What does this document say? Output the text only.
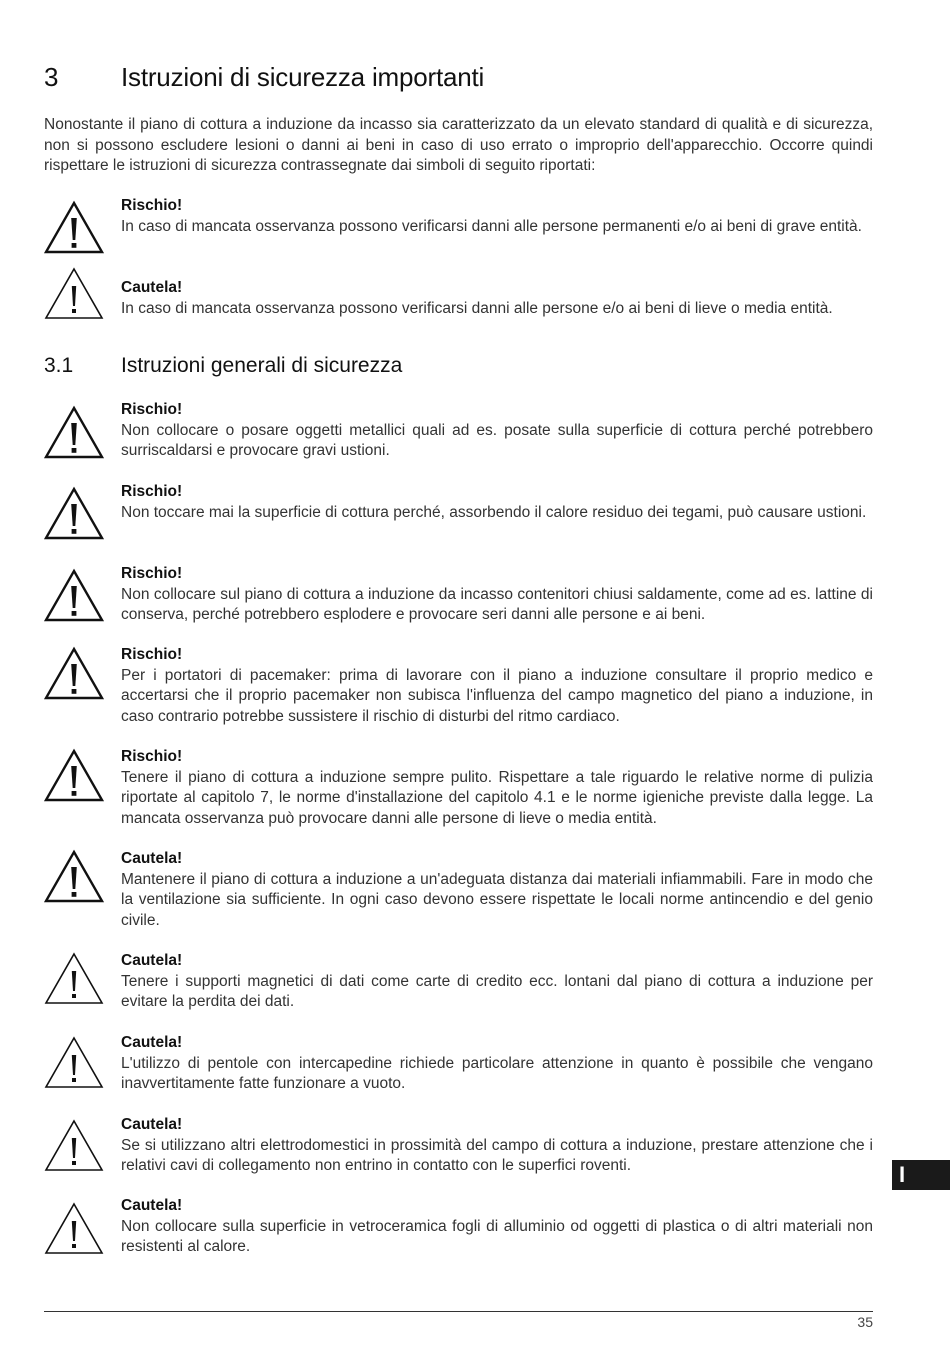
3 Istruzioni di sicurezza importanti

Nonostante il piano di cottura a induzione da incasso sia caratterizzato da un elevato standard di qualità e di sicurezza, non si possono escludere lesioni o danni ai beni in caso di uso errato o improprio dell'apparecchio. Occorre quindi rispettare le istruzioni di sicurezza contrassegnate dai simboli di seguito riportati:

Rischio!

In caso di mancata osservanza possono verificarsi danni alle persone permanenti e/o ai beni di grave entità.

Cautela!

In caso di mancata osservanza possono verificarsi danni alle persone e/o ai beni di lieve o media entità.

3.1 Istruzioni generali di sicurezza

Rischio!

Non collocare o posare oggetti metallici quali ad es. posate sulla superficie di cottura perché potrebbero surriscaldarsi e provocare gravi ustioni.

Rischio!

Non toccare mai la superficie di cottura perché, assorbendo il calore residuo dei tegami, può causare ustioni.

Rischio!

Non collocare sul piano di cottura a induzione da incasso contenitori chiusi saldamente, come ad es. lattine di conserva, perché potrebbero esplodere e provocare seri danni alle persone e ai beni.

Rischio!

Per i portatori di pacemaker: prima di lavorare con il piano a induzione consultare il proprio medico e accertarsi che il proprio pacemaker non subisca l'influenza del campo magnetico del piano a induzione, in caso contrario potrebbe sussistere il rischio di disturbi del ritmo cardiaco.

Rischio!

Tenere il piano di cottura a induzione sempre pulito. Rispettare a tale riguardo le relative norme di pulizia riportate al capitolo 7, le norme d'installazione del capitolo 4.1 e le norme igieniche previste dalla legge. La mancata osservanza può provocare danni alle persone di lieve o media entità.

Cautela!

Mantenere il piano di cottura a induzione a un'adeguata distanza dai materiali infiammabili. Fare in modo che la ventilazione sia sufficiente. In ogni caso devono essere rispettate le locali norme antincendio e del genio civile.

Cautela!

Tenere i supporti magnetici di dati come carte di credito ecc. lontani dal piano di cottura a induzione per evitare la perdita dei dati.

Cautela!

L'utilizzo di pentole con intercapedine richiede particolare attenzione in quanto è possibile che vengano inavvertitamente fatte funzionare a vuoto.

Cautela!

Se si utilizzano altri elettrodomestici in prossimità del campo di cottura a induzione, prestare attenzione che i relativi cavi di collegamento non entrino in contatto con le superfici roventi.

Cautela!

Non collocare sulla superficie in vetroceramica fogli di alluminio od oggetti di plastica o di altri materiali non resistenti al calore.

I
35
